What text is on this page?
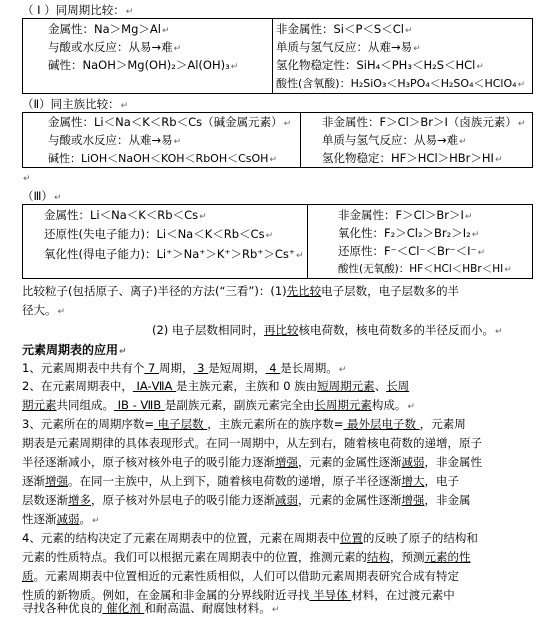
（ Ⅰ ）同周期比较：↵
金属性：Na＞Mg＞Al↵
与酸或水反应：从易→难↵
碱性：NaOH＞Mg(OH)₂＞Al(OH)₃↵
非金属性：Si＜P＜S＜Cl↵
单质与氢气反应：从难→易↵
氢化物稳定性：SiH₄＜PH₃＜H₂S＜HCl↵
酸性(含氧酸)：H₂SiO₃＜H₃PO₄＜H₂SO₄＜HClO₄↵
（Ⅱ）同主族比较：↵
金属性：Li＜Na＜K＜Rb＜Cs（碱金属元素）↵
与酸或水反应：从难→易↵
碱性：LiOH＜NaOH＜KOH＜RbOH＜CsOH↵
非金属性：F＞Cl＞Br＞I（卤族元素）↵
单质与氢气反应：从易→难↵
氢化物稳定：HF＞HCl＞HBr＞HI↵
↵
（Ⅲ）↵
金属性：Li＜Na＜K＜Rb＜Cs↵
还原性(失电子能力)：Li＜Na＜K＜Rb＜Cs↵
氧化性(得电子能力)：Li⁺＞Na⁺＞K⁺＞Rb⁺＞Cs⁺↵
非金属性：F＞Cl＞Br＞I↵
氧化性：F₂＞Cl₂＞Br₂＞I₂↵
还原性：F⁻＜Cl⁻＜Br⁻＜I⁻↵
酸性(无氧酸)：HF＜HCl＜HBr＜HI↵
比较粒子(包括原子、离子)半径的方法(“三看”)：(1)先比较电子层数，电子层数多的半
径大。↵
(2) 电子层数相同时，再比较核电荷数，核电荷数多的半径反而小。↵
元素周期表的应用↵
1、元素周期表中共有个 7 周期， 3 是短周期， 4 是长周期。↵
2、在元素周期表中， ⅠA-ⅦA 是主族元素，主族和 0 族由短周期元素、长周
期元素共同组成。 ⅠB - ⅦB 是副族元素，副族元素完全由长周期元素构成。↵
3、元素所在的周期序数= 电子层数 ，主族元素所在的族序数= 最外层电子数 ，元素周
期表是元素周期律的具体表现形式。在同一周期中，从左到右，随着核电荷数的递增，原子
半径逐渐减小，原子核对核外电子的吸引能力逐渐增强，元素的金属性逐渐减弱，非金属性
逐渐增强。在同一主族中，从上到下，随着核电荷数的递增，原子半径逐渐增大，电子
层数逐渐增多，原子核对外层电子的吸引能力逐渐减弱，元素的金属性逐渐增强，非金属
性逐渐减弱。↵
4、元素的结构决定了元素在周期表中的位置，元素在周期表中位置的反映了原子的结构和
元素的性质特点。我们可以根据元素在周期表中的位置，推测元素的结构，预测元素的性
质。元素周期表中位置相近的元素性质相似，人们可以借助元素周期表研究合成有特定
性质的新物质。例如，在金属和非金属的分界线附近寻找 半导体 材料，在过渡元素中
寻找各种优良的 催化剂 和耐高温、耐腐蚀材料。↵
